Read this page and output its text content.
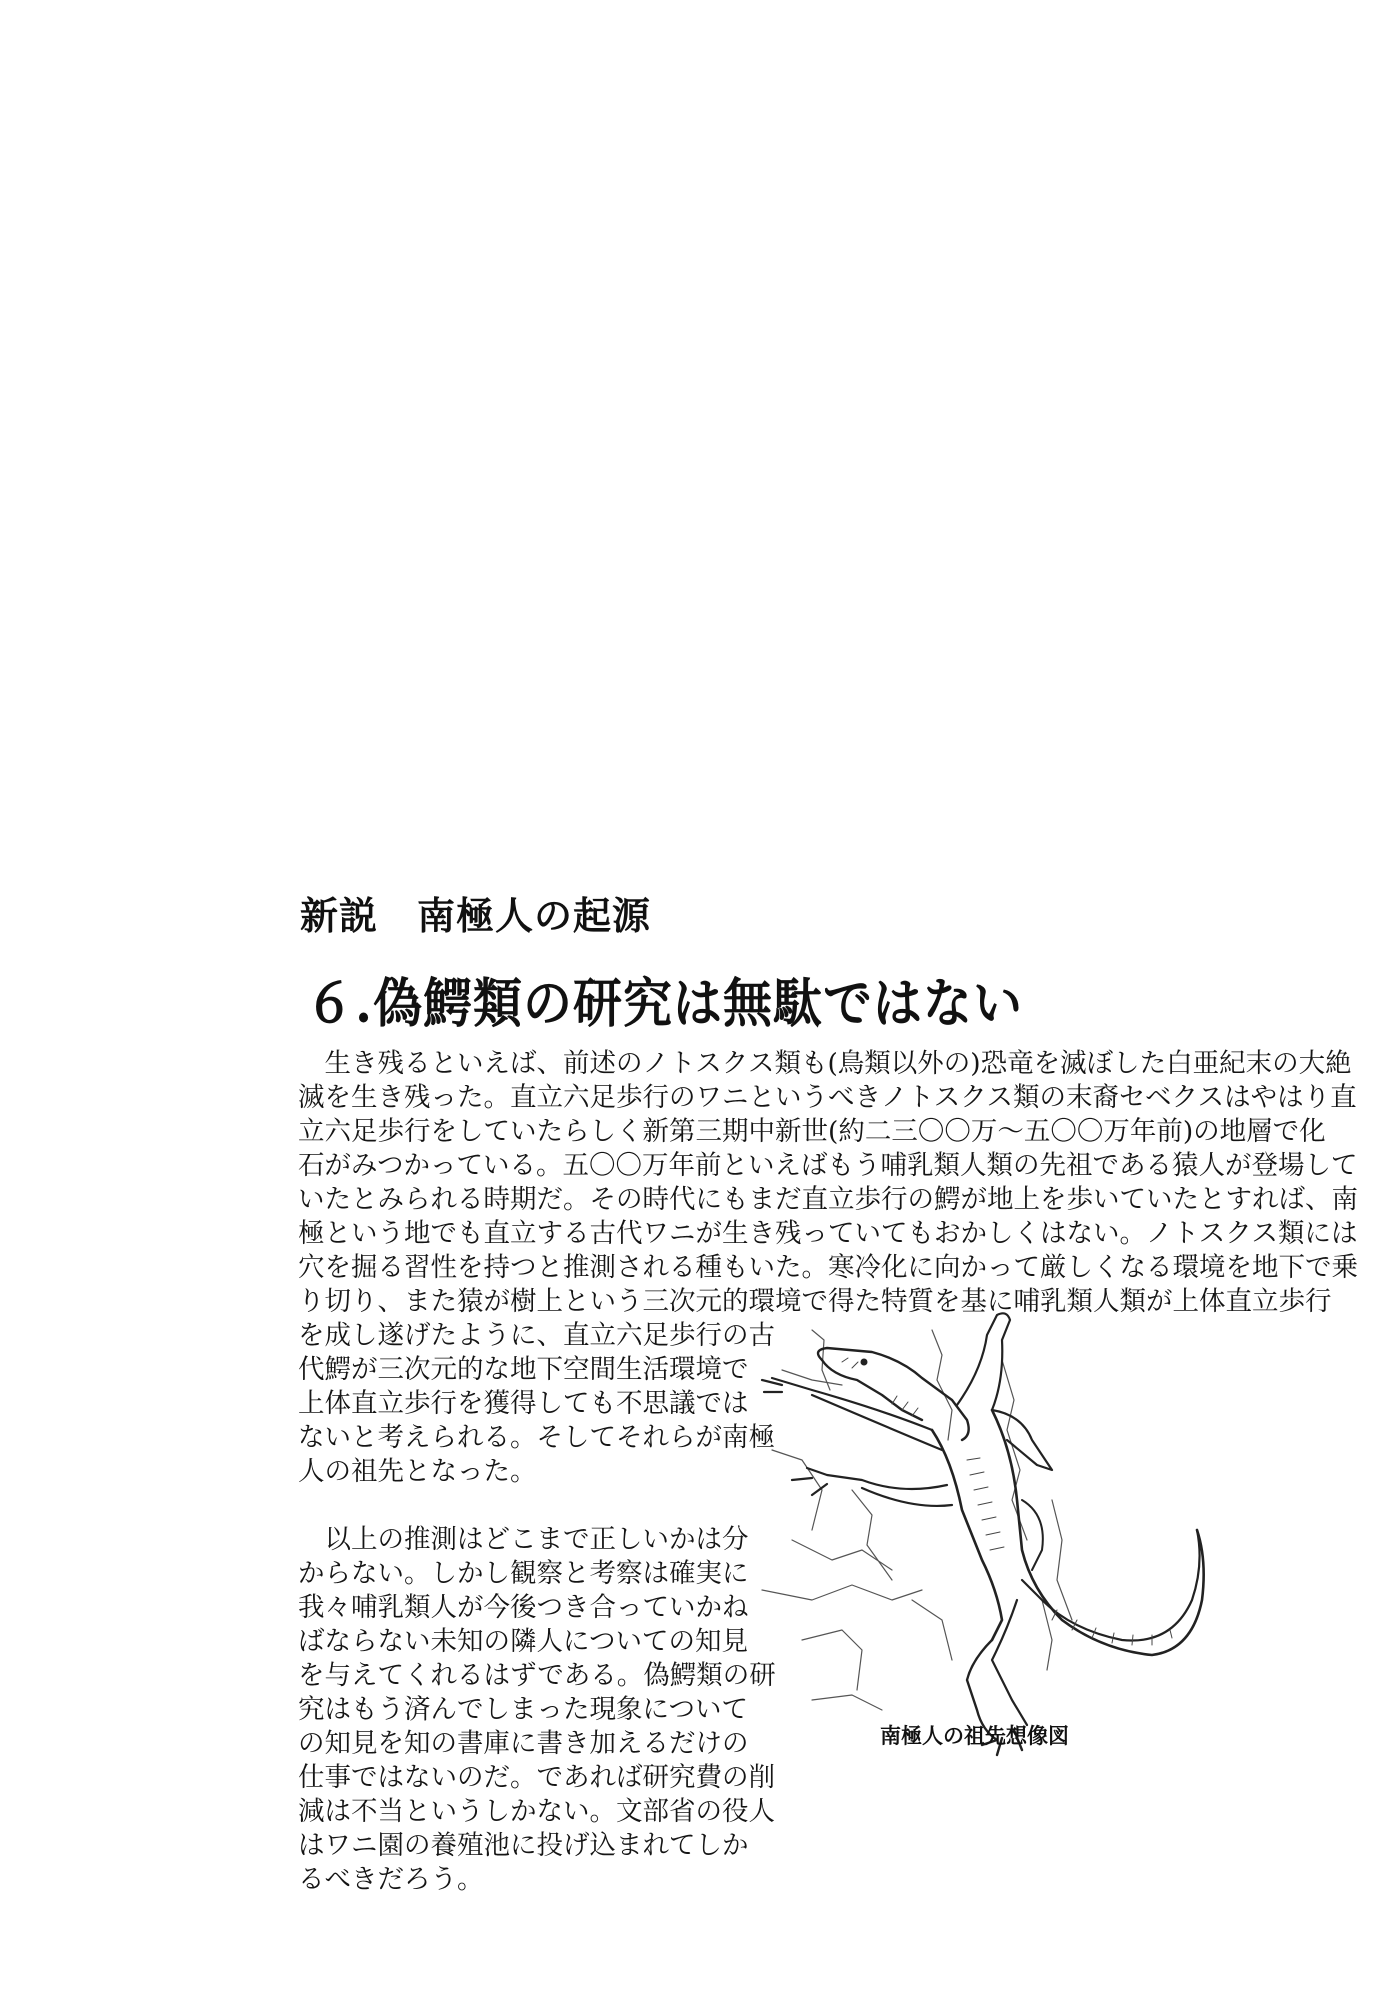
新説　南極人の起源
６.偽鰐類の研究は無駄ではない
　生き残るといえば、前述のノトスクス類も(鳥類以外の)恐竜を滅ぼした白亜紀末の大絶
滅を生き残った。直立六足歩行のワニというべきノトスクス類の末裔セベクスはやはり直
立六足歩行をしていたらしく新第三期中新世(約二三〇〇万〜五〇〇万年前)の地層で化
石がみつかっている。五〇〇万年前といえばもう哺乳類人類の先祖である猿人が登場して
いたとみられる時期だ。その時代にもまだ直立歩行の鰐が地上を歩いていたとすれば、南
極という地でも直立する古代ワニが生き残っていてもおかしくはない。ノトスクス類には
穴を掘る習性を持つと推測される種もいた。寒冷化に向かって厳しくなる環境を地下で乗
り切り、また猿が樹上という三次元的環境で得た特質を基に哺乳類人類が上体直立歩行
を成し遂げたように、直立六足歩行の古
代鰐が三次元的な地下空間生活環境で
上体直立歩行を獲得しても不思議では
ないと考えられる。そしてそれらが南極
人の祖先となった。
　以上の推測はどこまで正しいかは分
からない。しかし観察と考察は確実に
我々哺乳類人が今後つき合っていかね
ばならない未知の隣人についての知見
を与えてくれるはずである。偽鰐類の研
究はもう済んでしまった現象について
の知見を知の書庫に書き加えるだけの
仕事ではないのだ。であれば研究費の削
減は不当というしかない。文部省の役人
はワニ園の養殖池に投げ込まれてしか
るべきだろう。
南極人の祖先想像図
